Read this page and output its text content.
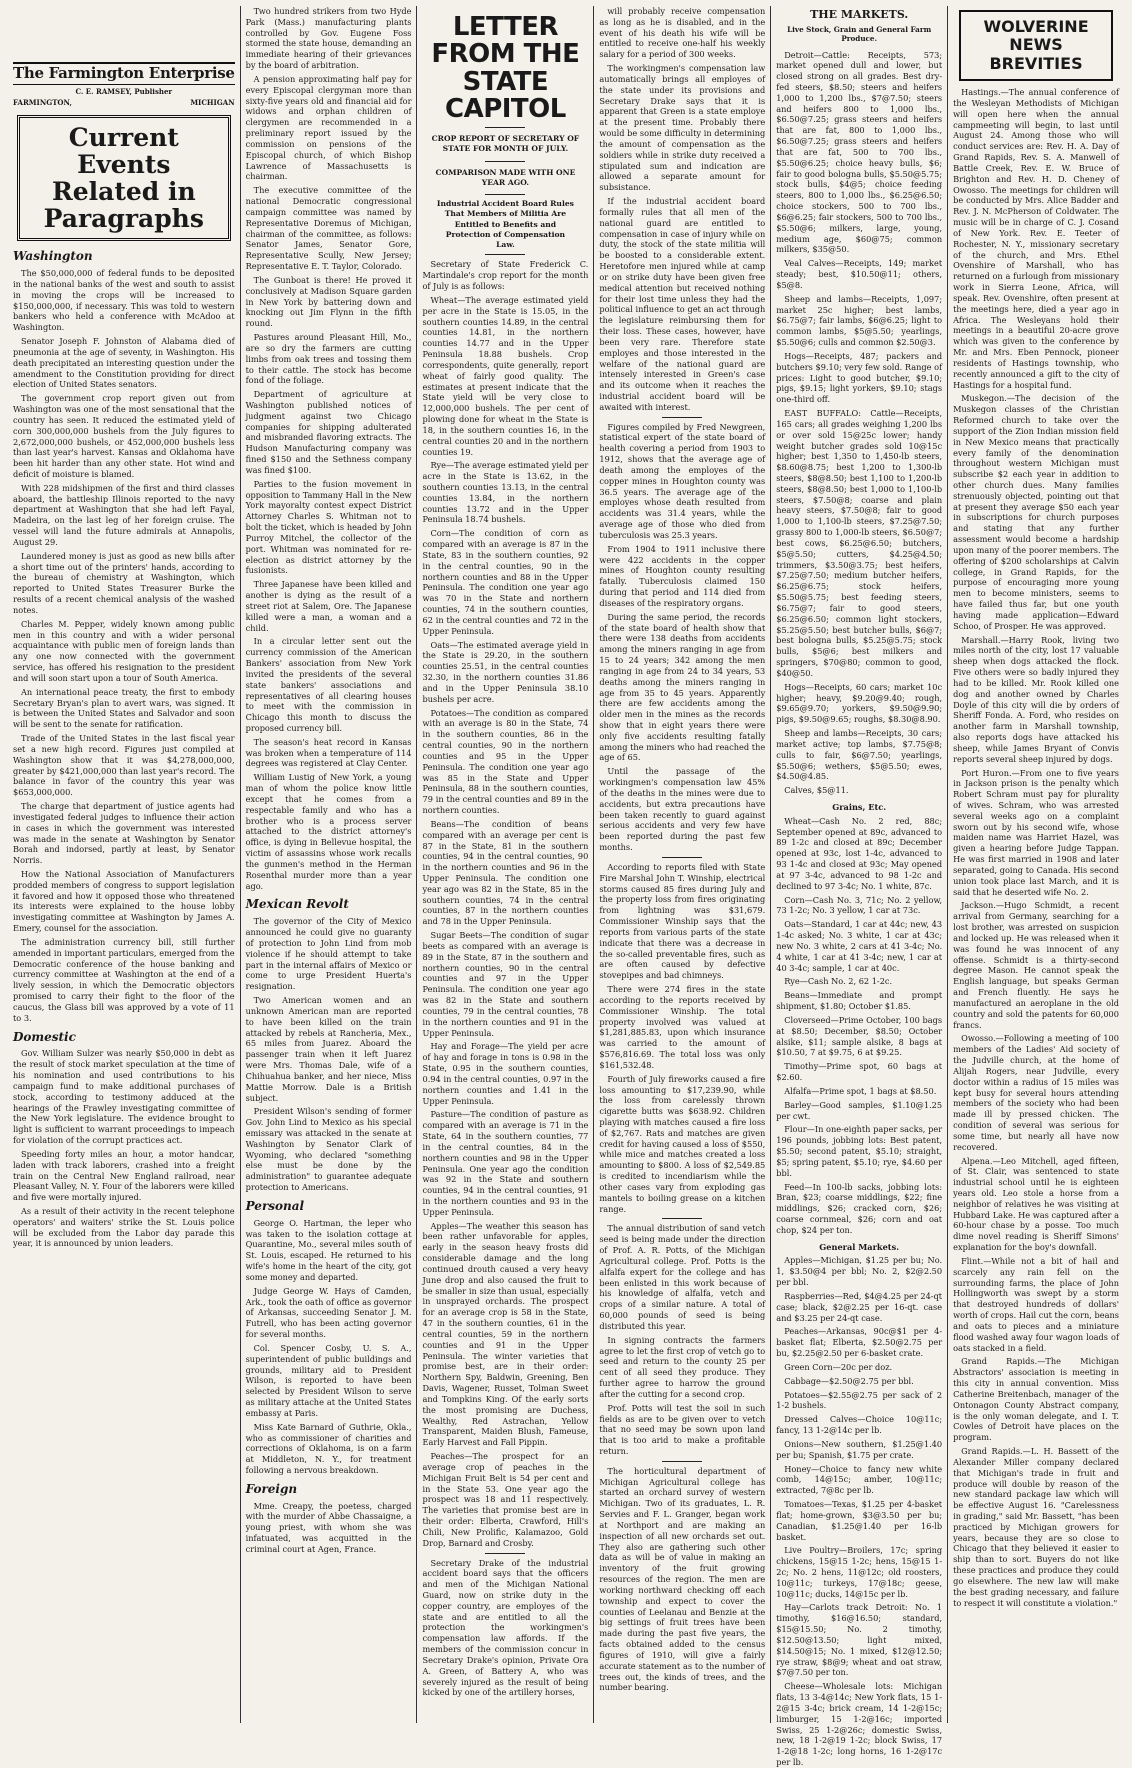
The Farmington Enterprise
C. E. RAMSEY, Publisher
FARMINGTON,	MICHIGAN
Current
Events
Related in
Paragraphs
Washington

The $50,000,000 of federal funds to be deposited in the national banks of the west and south to assist in moving the crops will be increased to $150,000,000, if necessary. This was told to western bankers who held a conference with McAdoo at Washington.

Senator Joseph F. Johnston of Alabama died of pneumonia at the age of seventy, in Washington. His death precipitated an interesting question under the amendment to the Constitution providing for direct election of United States senators.

The government crop report given out from Washington was one of the most sensational that the country has seen. It reduced the estimated yield of corn 300,000,000 bushels from the July figures to 2,672,000,000 bushels, or 452,000,000 bushels less than last year's harvest. Kansas and Oklahoma have been hit harder than any other state. Hot wind and deficit of moisture is blamed.

With 228 midshipmen of the first and third classes aboard, the battleship Illinois reported to the navy department at Washington that she had left Fayal, Madeira, on the last leg of her foreign cruise. The vessel will land the future admirals at Annapolis, August 29.

Laundered money is just as good as new bills after a short time out of the printers' hands, according to the bureau of chemistry at Washington, which reported to United States Treasurer Burke the results of a recent chemical analysis of the washed notes.

Charles M. Pepper, widely known among public men in this country and with a wider personal acquaintance with public men of foreign lands than any one now connected with the government service, has offered his resignation to the president and will soon start upon a tour of South America.

An international peace treaty, the first to embody Secretary Bryan's plan to avert wars, was signed. It is between the United States and Salvador and soon will be sent to the senate for ratification.

Trade of the United States in the last fiscal year set a new high record. Figures just compiled at Washington show that it was $4,278,000,000, greater by $421,000,000 than last year's record. The balance in favor of the country this year was $653,000,000.

The charge that department of justice agents had investigated federal judges to influence their action in cases in which the government was interested was made in the senate at Washington by Senator Borah and indorsed, partly at least, by Senator Norris.

How the National Association of Manufacturers prodded members of congress to support legislation it favored and how it opposed those who threatened its interests were explained to the house lobby investigating committee at Washington by James A. Emery, counsel for the association.

The administration currency bill, still further amended in important particulars, emerged from the Democratic conference of the house banking and currency committee at Washington at the end of a lively session, in which the Democratic objectors promised to carry their fight to the floor of the caucus, the Glass bill was approved by a vote of 11 to 3.

Domestic

Gov. William Sulzer was nearly $50,000 in debt as the result of stock market speculation at the time of his nomination and used contributions to his campaign fund to make additional purchases of stock, according to testimony adduced at the hearings of the Frawley investigating committee of the New York legislature. The evidence brought to light is sufficient to warrant proceedings to impeach for violation of the corrupt practices act.

Speeding forty miles an hour, a motor handcar, laden with track laborers, crashed into a freight train on the Central New England railroad, near Pleasant Valley, N. Y. Four of the laborers were killed and five were mortally injured.

As a result of their activity in the recent telephone operators' and waiters' strike the St. Louis police will be excluded from the Labor day parade this year, it is announced by union leaders.

Two hundred strikers from two Hyde Park (Mass.) manufacturing plants controlled by Gov. Eugene Foss stormed the state house, demanding an immediate hearing of their grievances by the board of arbitration.

A pension approximating half pay for every Episcopal clergyman more than sixty-five years old and financial aid for widows and orphan children of clergymen are recommended in a preliminary report issued by the commission on pensions of the Episcopal church, of which Bishop Lawrence of Massachusetts is chairman.

The executive committee of the national Democratic congressional campaign committee was named by Representative Doremus of Michigan, chairman of the committee, as follows: Senator James, Senator Gore, Representative Scully, New Jersey; Representative E. T. Taylor, Colorado.

The Gunboat is there! He proved it conclusively at Madison Square garden in New York by battering down and knocking out Jim Flynn in the fifth round.

Pastures around Pleasant Hill, Mo., are so dry the farmers are cutting limbs from oak trees and tossing them to their cattle. The stock has become fond of the foliage.

Department of agriculture at Washington published notices of judgment against two Chicago companies for shipping adulterated and misbranded flavoring extracts. The Hudson Manufacturing company was fined $150 and the Sethness company was fined $100.

Parties to the fusion movement in opposition to Tammany Hall in the New York mayoralty contest expect District Attorney Charles S. Whitman not to bolt the ticket, which is headed by John Purroy Mitchel, the collector of the port. Whitman was nominated for re-election as district attorney by the fusionists.

Three Japanese have been killed and another is dying as the result of a street riot at Salem, Ore. The Japanese killed were a man, a woman and a child.

In a circular letter sent out the currency commission of the American Bankers' association from New York invited the presidents of the several state bankers' associations and representatives of all clearing houses to meet with the commission in Chicago this month to discuss the proposed currency bill.

The season's heat record in Kansas was broken when a temperature of 114 degrees was registered at Clay Center.

William Lustig of New York, a young man of whom the police know little except that he comes from a respectable family and who has a brother who is a process server attached to the district attorney's office, is dying in Bellevue hospital, the victim of assassins whose work recalls the gunmen's method in the Herman Rosenthal murder more than a year ago.

Mexican Revolt

The governor of the City of Mexico announced he could give no guaranty of protection to John Lind from mob violence if he should attempt to take part in the internal affairs of Mexico or come to urge President Huerta's resignation.

Two American women and an unknown American man are reported to have been killed on the train attacked by rebels at Rancheria, Mex., 65 miles from Juarez. Aboard the passenger train when it left Juarez were Mrs. Thomas Dale, wife of a Chihuahua banker, and her niece, Miss Mattie Morrow. Dale is a British subject.

President Wilson's sending of former Gov. John Lind to Mexico as his special emissary was attacked in the senate at Washington by Senator Clark of Wyoming, who declared "something else must be done by the administration" to guarantee adequate protection to Americans.

Personal

George O. Hartman, the leper who was taken to the isolation cottage at Quarantine, Mo., several miles south of St. Louis, escaped. He returned to his wife's home in the heart of the city, got some money and departed.

Judge George W. Hays of Camden, Ark., took the oath of office as governor of Arkansas, succeeding Senator J. M. Futrell, who has been acting governor for several months.

Col. Spencer Cosby, U. S. A., superintendent of public buildings and grounds, military aid to President Wilson, is reported to have been selected by President Wilson to serve as military attache at the United States embassy at Paris.

Miss Kate Barnard of Guthrie, Okla., who as commissioner of charities and corrections of Oklahoma, is on a farm at Middleton, N. Y., for treatment following a nervous breakdown.

Foreign

Mme. Creapy, the poetess, charged with the murder of Abbe Chassaigne, a young priest, with whom she was infatuated, was acquitted in the criminal court at Agen, France.

LETTER FROM THE
STATE CAPITOL
CROP REPORT OF SECRETARY OF STATE FOR MONTH OF JULY.
COMPARISON MADE WITH ONE YEAR AGO.
Industrial Accident Board Rules That Members of Militia Are Entitled to Benefits and Protection of Compensation Law.

Secretary of State Frederick C. Martindale's crop report for the month of July is as follows:

Wheat—The average estimated yield per acre in the State is 15.05, in the southern counties 14.89, in the central counties 14.81, in the northern counties 14.77 and in the Upper Peninsula 18.88 bushels. Crop correspondents, quite generally, report wheat of fairly good quality. The estimates at present indicate that the State yield will be very close to 12,000,000 bushels. The per cent of plowing done for wheat in the State is 18, in the southern counties 16, in the central counties 20 and in the northern counties 19.

Rye—The average estimated yield per acre in the State is 13.62, in the southern counties 13.13, in the central counties 13.84, in the northern counties 13.72 and in the Upper Peninsula 18.74 bushels.

Corn—The condition of corn as compared with an average is 87 in the State, 83 in the southern counties, 92 in the central counties, 90 in the northern counties and 88 in the Upper Peninsula. The condition one year ago was 70 in the State and northern counties, 74 in the southern counties, 62 in the central counties and 72 in the Upper Peninsula.

Oats—The estimated average yield in the State is 29.20, in the southern counties 25.51, in the central counties 32.30, in the northern counties 31.86 and in the Upper Peninsula 38.10 bushels per acre.

Potatoes—The condition as compared with an average is 80 in the State, 74 in the southern counties, 86 in the central counties, 90 in the northern counties and 95 in the Upper Peninsula. The condition one year ago was 85 in the State and Upper Peninsula, 88 in the southern counties, 79 in the central counties and 89 in the northern counties.

Beans—The condition of beans compared with an average per cent is 87 in the State, 81 in the southern counties, 94 in the central counties, 90 in the northern counties and 96 in the Upper Peninsula. The condition one year ago was 82 in the State, 85 in the southern counties, 74 in the central counties, 87 in the northern counties and 78 in the Upper Peninsula.

Sugar Beets—The condition of sugar beets as compared with an average is 89 in the State, 87 in the southern and northern counties, 90 in the central counties and 97 in the Upper Peninsula. The condition one year ago was 82 in the State and southern counties, 79 in the central counties, 78 in the northern counties and 91 in the Upper Peninsula.

Hay and Forage—The yield per acre of hay and forage in tons is 0.98 in the State, 0.95 in the southern counties, 0.94 in the central counties, 0.97 in the northern counties and 1.41 in the Upper Peninsula.

Pasture—The condition of pasture as compared with an average is 71 in the State, 64 in the southern counties, 77 in the central counties, 84 in the northern counties and 98 in the Upper Peninsula. One year ago the condition was 92 in the State and southern counties, 94 in the central counties, 91 in the northern counties and 93 in the Upper Peninsula.

Apples—The weather this season has been rather unfavorable for apples, early in the season heavy frosts did considerable damage and the long continued drouth caused a very heavy June drop and also caused the fruit to be smaller in size than usual, especially in unsprayed orchards. The prospect for an average crop is 58 in the State, 47 in the southern counties, 61 in the central counties, 59 in the northern counties and 91 in the Upper Peninsula. The winter varieties that promise best, are in their order: Northern Spy, Baldwin, Greening, Ben Davis, Wagener, Russet, Tolman Sweet and Tompkins King. Of the early sorts the most promising are Duchess, Wealthy, Red Astrachan, Yellow Transparent, Maiden Blush, Fameuse, Early Harvest and Fall Pippin.

Peaches—The prospect for an average crop of peaches in the Michigan Fruit Belt is 54 per cent and in the State 53. One year ago the prospect was 18 and 11 respectively. The varieties that promise best are in their order: Elberta, Crawford, Hill's Chili, New Prolific, Kalamazoo, Gold Drop, Barnard and Crosby.

Secretary Drake of the industrial accident board says that the officers and men of the Michigan National Guard, now on strike duty in the copper country, are employes of the state and are entitled to all the protection the workingmen's compensation law affords. If the members of the commission concur in Secretary Drake's opinion, Private Ora A. Green, of Battery A, who was severely injured as the result of being kicked by one of the artillery horses,

will probably receive compensation as long as he is disabled, and in the event of his death his wife will be entitled to receive one-half his weekly salary for a period of 300 weeks.

The workingmen's compensation law automatically brings all employes of the state under its provisions and Secretary Drake says that it is apparent that Green is a state employe at the present time. Probably there would be some difficulty in determining the amount of compensation as the soldiers while in strike duty received a stipulated sum and indication are allowed a separate amount for subsistance.

If the industrial accident board formally rules that all men of the national guard are entitled to compensation in case of injury while on duty, the stock of the state militia will be boosted to a considerable extent. Heretofore men injured while at camp or on strike duty have been given free medical attention but received nothing for their lost time unless they had the political influence to get an act through the legislature reimbursing them for their loss. These cases, however, have been very rare. Therefore state employes and those interested in the welfare of the national guard are intensely interested in Green's case and its outcome when it reaches the industrial accident board will be awaited with interest.

Figures compiled by Fred Newgreen, statistical expert of the state board of health covering a period from 1903 to 1912, shows that the average age of death among the employes of the copper mines in Houghton county was 36.5 years. The average age of the employes whose death resulted from accidents was 31.4 years, while the average age of those who died from tuberculosis was 25.3 years.

From 1904 to 1911 inclusive there were 422 accidents in the copper mines of Houghton county resulting fatally. Tuberculosis claimed 150 during that period and 114 died from diseases of the respiratory organs.

During the same period, the records of the state board of health show that there were 138 deaths from accidents among the miners ranging in age from 15 to 24 years; 342 among the men ranging in age from 24 to 34 years, 53 deaths among the miners ranging in age from 35 to 45 years. Apparently there are few accidents among the older men in the mines as the records show that in eight years there were only five accidents resulting fatally among the miners who had reached the age of 65.

Until the passage of the workingmen's compensation law 45% of the deaths in the mines were due to accidents, but extra precautions have been taken recently to guard against serious accidents and very few have been reported during the past few months.

According to reports filed with State Fire Marshal John T. Winship, electrical storms caused 85 fires during July and the property loss from fires originating from lightning was $31,679. Commissioner Winship says that the reports from various parts of the state indicate that there was a decrease in the so-called preventable fires, such as are often caused by defective stovepipes and bad chimneys.

There were 274 fires in the state according to the reports received by Commissioner Winship. The total property involved was valued at $1,281,885.83, upon which insurance was carried to the amount of $576,816.69. The total loss was only $161,532.48.

Fourth of July fireworks caused a fire loss amounting to $17,239.90, while the loss from carelessly thrown cigarette butts was $638.92. Children playing with matches caused a fire loss of $2,767. Rats and matches are given credit for having caused a loss of $550, while mice and matches created a loss amounting to $800. A loss of $2,549.85 is credited to incendiarism while the other cases vary from exploding gas mantels to boiling grease on a kitchen range.

The annual distribution of sand vetch seed is being made under the direction of Prof. A. R. Potts, of the Michigan Agricultural college. Prof. Potts is the alfalfa expert for the college and has been enlisted in this work because of his knowledge of alfalfa, vetch and crops of a similar nature. A total of 60,000 pounds of seed is being distributed this year.

In signing contracts the farmers agree to let the first crop of vetch go to seed and return to the county 25 per cent of all seed they produce. They further agree to harrow the ground after the cutting for a second crop.

Prof. Potts will test the soil in such fields as are to be given over to vetch that no seed may be sown upon land that is too arid to make a profitable return.

The horticultural department of Michigan Agricultural college has started an orchard survey of western Michigan. Two of its graduates, L. R. Servies and F. L. Granger, began work at Northport and are making an inspection of all new orchards set out. They also are gathering such other data as will be of value in making an inventory of the fruit growing resources of the region. The men are working northward checking off each township and expect to cover the counties of Leelanau and Benzie at the big settings of fruit trees have been made during the past five years, the facts obtained added to the census figures of 1910, will give a fairly accurate statement as to the number of trees out, the kinds of trees, and the number bearing.

THE MARKETS.
Live Stock, Grain and General Farm Produce.

Detroit—Cattle: Receipts, 573; market opened dull and lower, but closed strong on all grades. Best dry-fed steers, $8.50; steers and heifers 1,000 to 1,200 lbs., $7@7.50; steers and heifers 800 to 1,000 lbs., $6.50@7.25; grass steers and heifers that are fat, 800 to 1,000 lbs., $6.50@7.25; grass steers and heifers that are fat, 500 to 700 lbs., $5.50@6.25; choice heavy bulls, $6; fair to good bologna bulls, $5.50@5.75; stock bulls, $4@5; choice feeding steers, 800 to 1,000 lbs., $6.25@6.50; choice stockers, 500 to 700 lbs., $6@6.25; fair stockers, 500 to 700 lbs., $5.50@6; milkers, large, young, medium age, $60@75; common milkers, $35@50.

Veal Calves—Receipts, 149; market steady; best, $10.50@11; others, $5@8.

Sheep and lambs—Receipts, 1,097; market 25c higher; best lambs, $6.75@7; fair lambs, $6@6.25; light to common lambs, $5@5.50; yearlings, $5.50@6; culls and common $2.50@3.

Hogs—Receipts, 487; packers and butchers $9.10; very few sold. Range of prices: Light to good butcher, $9.10; pigs, $9.15; light yorkers, $9.10; stags one-third off.

EAST BUFFALO: Cattle—Receipts, 165 cars; all grades weighing 1,200 lbs or over sold 15@25c lower; handy weight butcher grades sold 10@15c higher; best 1,350 to 1,450-lb steers, $8.60@8.75; best 1,200 to 1,300-lb steers, $8@8.50; best 1,100 to 1,200-lb steers, $8@8.50; best 1,000 to 1,100-lb steers, $7.50@8; coarse and plain heavy steers, $7.50@8; fair to good 1,000 to 1,100-lb steers, $7.25@7.50; grassy 800 to 1,000-lb steers, $6.50@7; best cows, $6.25@6.50; butchers, $5@5.50; cutters, $4.25@4.50; trimmers, $3.50@3.75; best heifers, $7.25@7.50; medium butcher heifers, $6.25@6.75; stock heifers, $5.50@5.75; best feeding steers, $6.75@7; fair to good steers, $6.25@6.50; common light stockers, $5.25@5.50; best butcher bulls, $6@7; best bologna bulls, $5.25@5.75; stock bulls, $5@6; best milkers and springers, $70@80; common to good, $40@50.

Hogs—Receipts, 60 cars; market 10c higher; heavy, $9.20@9.40; rough, $9.65@9.70; yorkers, $9.50@9.90; pigs, $9.50@9.65; roughs, $8.30@8.90.

Sheep and lambs—Receipts, 30 cars; market active; top lambs, $7.75@8; culls to fair, $6@7.50; yearlings, $5.50@6; wethers, $5@5.50; ewes, $4.50@4.85.

Calves, $5@11.

Grains, Etc.

Wheat—Cash No. 2 red, 88c; September opened at 89c, advanced to 89 1-2c and closed at 89c; December opened at 93c, lost 1-4c, advanced to 93 1-4c and closed at 93c; May opened at 97 3-4c, advanced to 98 1-2c and declined to 97 3-4c; No. 1 white, 87c.

Corn—Cash No. 3, 71c; No. 2 yellow, 73 1-2c; No. 3 yellow, 1 car at 73c.

Oats—Standard, 1 car at 44c; new, 43 1-4c asked; No. 3 white, 1 car at 43c; new No. 3 white, 2 cars at 41 3-4c; No. 4 white, 1 car at 41 3-4c; new, 1 car at 40 3-4c; sample, 1 car at 40c.

Rye—Cash No. 2, 62 1-2c.

Beans—Immediate and prompt shipment, $1.80; October $1.85.

Cloverseed—Prime October, 100 bags at $8.50; December, $8.50; October alsike, $11; sample alsike, 8 bags at $10.50, 7 at $9.75, 6 at $9.25.

Timothy—Prime spot, 60 bags at $2.60.

Alfalfa—Prime spot, 1 bags at $8.50.

Barley—Good samples, $1.10@1.25 per cwt.

Flour—In one-eighth paper sacks, per 196 pounds, jobbing lots: Best patent, $5.50; second patent, $5.10; straight, $5; spring patent, $5.10; rye, $4.60 per bbl.

Feed—In 100-lb sacks, jobbing lots: Bran, $23; coarse middlings, $22; fine middlings, $26; cracked corn, $26; coarse cornmeal, $26; corn and oat chop, $24 per ton.

General Markets.

Apples—Michigan, $1.25 per bu; No. 1, $3.50@4 per bbl; No. 2, $2@2.50 per bbl.

Raspberries—Red, $4@4.25 per 24-qt case; black, $2@2.25 per 16-qt. case and $3.25 per 24-qt case.

Peaches—Arkansas, 90c@$1 per 4-basket flat; Elberta, $2.50@2.75 per bu, $2.25@2.50 per 6-basket crate.

Green Corn—20c per doz.

Cabbage—$2.50@2.75 per bbl.

Potatoes—$2.55@2.75 per sack of 2 1-2 bushels.

Dressed Calves—Choice 10@11c; fancy, 13 1-2@14c per lb.

Onions—New southern, $1.25@1.40 per bu; Spanish, $1.75 per crate.

Honey—Choice to fancy new white comb, 14@15c; amber, 10@11c; extracted, 7@8c per lb.

Tomatoes—Texas, $1.25 per 4-basket flat; home-grown, $3@3.50 per bu; Canadian, $1.25@1.40 per 16-lb basket.

Live Poultry—Broilers, 17c; spring chickens, 15@15 1-2c; hens, 15@15 1-2c; No. 2 hens, 11@12c; old roosters, 10@11c; turkeys, 17@18c; geese, 10@11c; ducks, 14@15c per lb.

Hay—Carlots track Detroit: No. 1 timothy, $16@16.50; standard, $15@15.50; No. 2 timothy, $12.50@13.50; light mixed, $14.50@15; No. 1 mixed, $12@12.50; rye straw, $8@9; wheat and oat straw, $7@7.50 per ton.

Cheese—Wholesale lots: Michigan flats, 13 3-4@14c; New York flats, 15 1-2@15 3-4c; brick cream, 14 1-2@15c; limburger, 15 1-2@16c; imported Swiss, 25 1-2@26c; domestic Swiss, new, 18 1-2@19 1-2c; block Swiss, 17 1-2@18 1-2c; long horns, 16 1-2@17c per lb.

WOLVERINE
NEWS BREVITIES

Hastings.—The annual conference of the Wesleyan Methodists of Michigan will open here when the annual campmeeting will begin, to last until August 24. Among those who will conduct services are: Rev. H. A. Day of Grand Rapids, Rev. S. A. Manwell of Battle Creek, Rev. E. W. Bruce of Brighton and Rev. H. D. Cheney of Owosso. The meetings for children will be conducted by Mrs. Alice Badder and Rev. J. N. McPherson of Coldwater. The music will be in charge of C. J. Cosand of New York. Rev. E. Teeter of Rochester, N. Y., missionary secretary of the church, and Mrs. Ethel Ovenshire of Marshall, who has returned on a furlough from missionary work in Sierra Leone, Africa, will speak. Rev. Ovenshire, often present at the meetings here, died a year ago in Africa. The Wesleyans hold their meetings in a beautiful 20-acre grove which was given to the conference by Mr. and Mrs. Eben Pennock, pioneer residents of Hastings township, who recently announced a gift to the city of Hastings for a hospital fund.

Muskegon.—The decision of the Muskegon classes of the Christian Reformed church to take over the support of the Zion Indian mission field in New Mexico means that practically every family of the denomination throughout western Michigan must subscribe $2 each year in addition to other church dues. Many families strenuously objected, pointing out that at present they average $50 each year in subscriptions for church purposes and stating that any further assessment would become a hardship upon many of the poorer members. The offering of $200 scholarships at Calvin college, in Grand Rapids, for the purpose of encouraging more young men to become ministers, seems to have failed thus far, but one youth having made application—Edward Schoo, of Prosper. He was approved.

Marshall.—Harry Rook, living two miles north of the city, lost 17 valuable sheep when dogs attacked the flock. Five others were so badly injured they had to be killed. Mr. Rook killed one dog and another owned by Charles Doyle of this city will die by orders of Sheriff Fonda. A. Ford, who resides on another farm in Marshall township, also reports dogs have attacked his sheep, while James Bryant of Convis reports several sheep injured by dogs.

Port Huron.—From one to five years in Jackson prison is the penalty which Robert Schram must pay for plurality of wives. Schram, who was arrested several weeks ago on a complaint sworn out by his second wife, whose maiden name was Harriet Hazel, was given a hearing before Judge Tappan. He was first married in 1908 and later separated, going to Canada. His second union took place last March, and it is said that he deserted wife No. 2.

Jackson.—Hugo Schmidt, a recent arrival from Germany, searching for a lost brother, was arrested on suspicion and locked up. He was released when it was found he was innocent of any offense. Schmidt is a thirty-second degree Mason. He cannot speak the English language, but speaks German and French fluently. He says he manufactured an aeroplane in the old country and sold the patents for 60,000 francs.

Owosso.—Following a meeting of 100 members of the Ladies' Aid society of the Judville church, at the home of Alijah Rogers, near Judville, every doctor within a radius of 15 miles was kept busy for several hours attending members of the society who had been made ill by pressed chicken. The condition of several was serious for some time, but nearly all have now recovered.

Alpena.—Leo Mitchell, aged fifteen, of St. Clair, was sentenced to state industrial school until he is eighteen years old. Leo stole a horse from a neighbor of relatives he was visiting at Hubbard Lake. He was captured after a 60-hour chase by a posse. Too much dime novel reading is Sheriff Simons' explanation for the boy's downfall.

Flint.—While not a bit of hail and scarcely any rain fell on the surrounding farms, the place of John Hollingworth was swept by a storm that destroyed hundreds of dollars' worth of crops. Hail cut the corn, beans and oats to pieces and a miniature flood washed away four wagon loads of oats stacked in a field.

Grand Rapids.—The Michigan Abstractors' association is meeting in this city in annual convention. Miss Catherine Breitenbach, manager of the Ontonagon County Abstract company, is the only woman delegate, and I. T. Cowles of Detroit have places on the program.

Grand Rapids.—L. H. Bassett of the Alexander Miller company declared that Michigan's trade in fruit and produce will double by reason of the new standard package law which will be effective August 16. "Carelessness in grading," said Mr. Bassett, "has been practiced by Michigan growers for years, because they are so close to Chicago that they believed it easier to ship than to sort. Buyers do not like these practices and produce they could go elsewhere. The new law will make the best grading necessary, and failure to respect it will constitute a violation."
